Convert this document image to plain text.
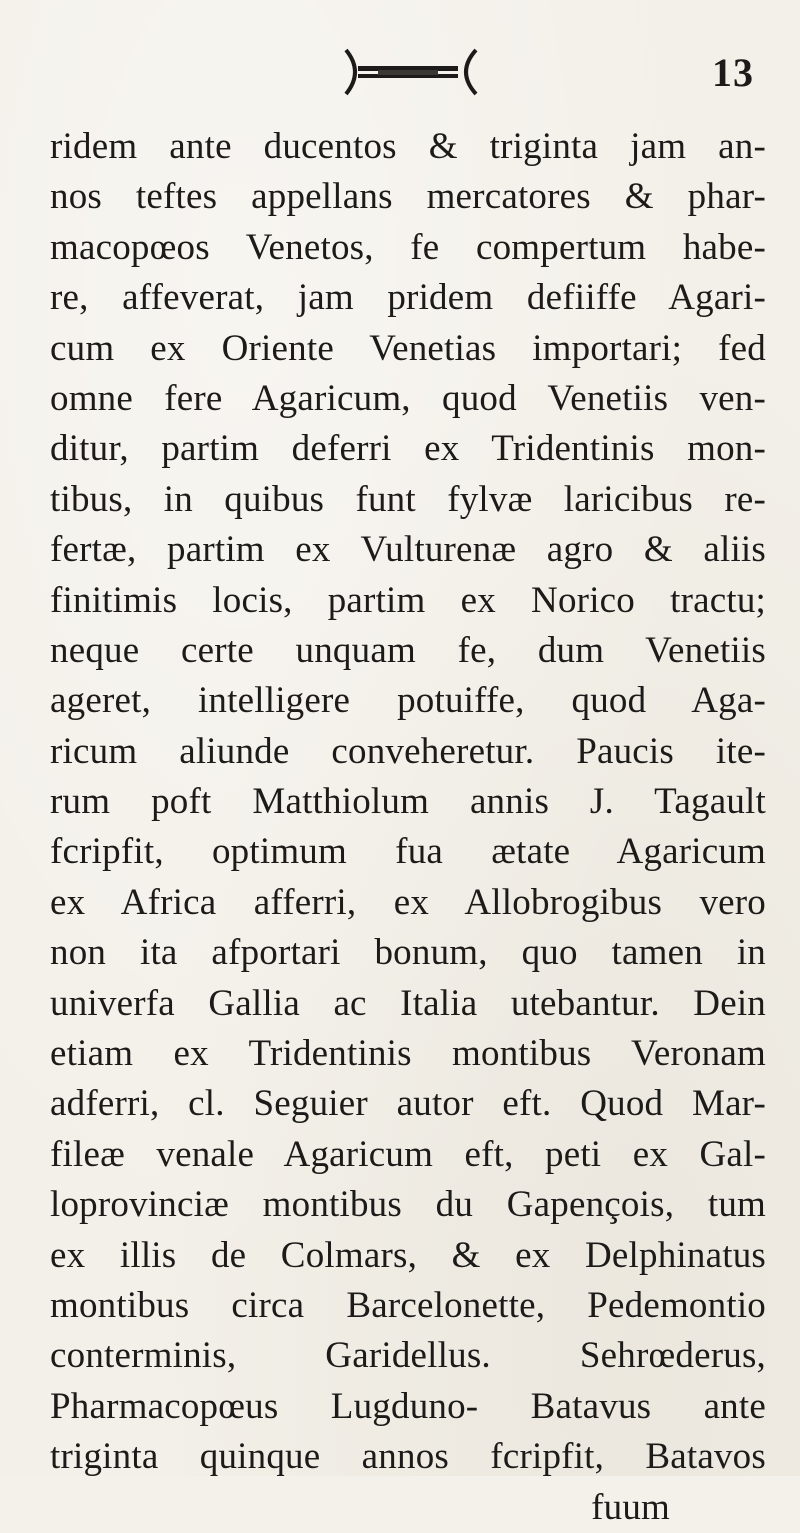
13
ridem ante ducentos & triginta jam an-
nos teftes appellans mercatores & phar-
macopœos Venetos, fe compertum habe-
re, affeverat, jam pridem defiiffe Agari-
cum ex Oriente Venetias importari; fed
omne fere Agaricum, quod Venetiis ven-
ditur, partim deferri ex Tridentinis mon-
tibus, in quibus funt fylvæ laricibus re-
fertæ, partim ex Vulturenæ agro & aliis
finitimis locis, partim ex Norico tractu;
neque certe unquam fe, dum Venetiis
ageret, intelligere potuiffe, quod Aga-
ricum aliunde conveheretur. Paucis ite-
rum poft Matthiolum annis J. Tagault
fcripfit, optimum fua ætate Agaricum
ex Africa afferri, ex Allobrogibus vero
non ita afportari bonum, quo tamen in
univerfa Gallia ac Italia utebantur. Dein
etiam ex Tridentinis montibus Veronam
adferri, cl. Seguier autor eft. Quod Mar-
fileæ venale Agaricum eft, peti ex Gal-
loprovinciæ montibus du Gapençois, tum
ex illis de Colmars, & ex Delphinatus
montibus circa Barcelonette, Pedemontio
conterminis, Garidellus. Sehrœderus,
Pharmacopœus Lugduno- Batavus ante
triginta quinque annos fcripfit, Batavos
fuum
